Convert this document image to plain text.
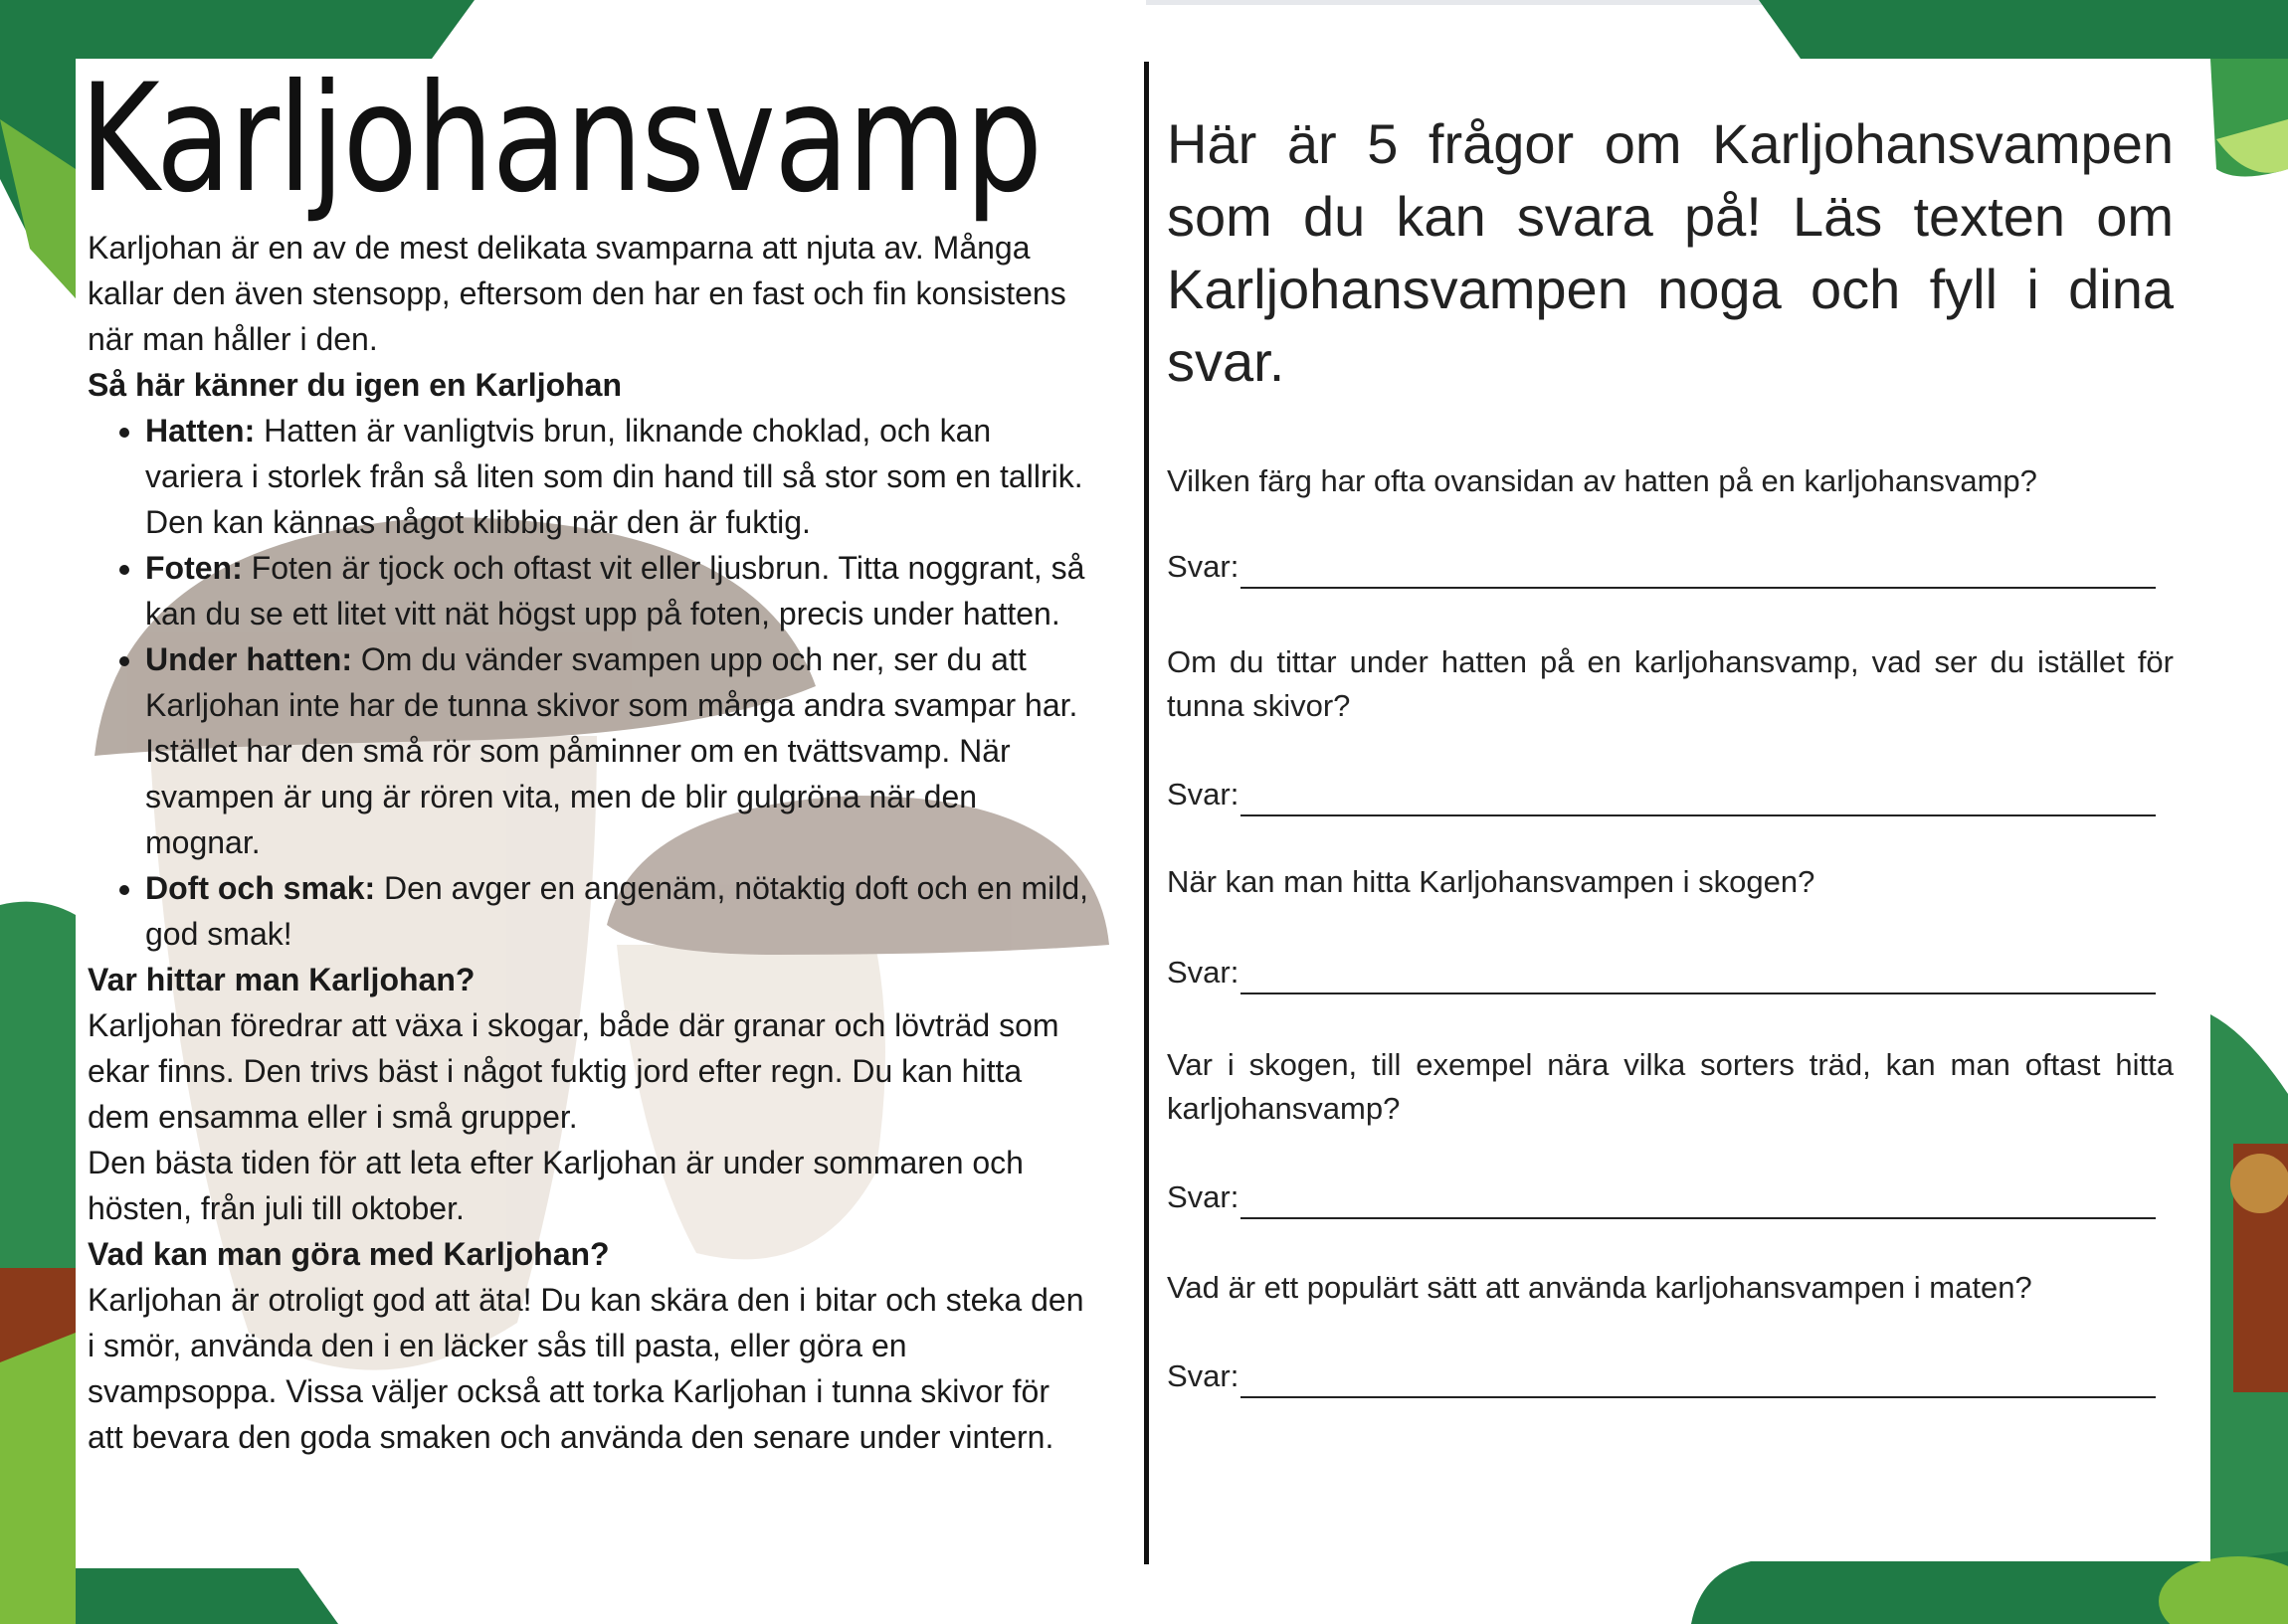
Karljohansvamp

Karljohan är en av de mest delikata svamparna att njuta av. Många kallar den även stensopp, eftersom den har en fast och fin konsistens när man håller i den.

Så här känner du igen en Karljohan
• Hatten: Hatten är vanligtvis brun, liknande choklad, och kan variera i storlek från så liten som din hand till så stor som en tallrik. Den kan kännas något klibbig när den är fuktig.
• Foten: Foten är tjock och oftast vit eller ljusbrun. Titta noggrant, så kan du se ett litet vitt nät högst upp på foten, precis under hatten.
• Under hatten: Om du vänder svampen upp och ner, ser du att Karljohan inte har de tunna skivor som många andra svampar har. Istället har den små rör som påminner om en tvättsvamp. När svampen är ung är rören vita, men de blir gulgröna när den mognar.
• Doft och smak: Den avger en angenäm, nötaktig doft och en mild, god smak!
Var hittar man Karljohan?

Karljohan föredrar att växa i skogar, både där granar och lövträd som ekar finns. Den trivs bäst i något fuktig jord efter regn. Du kan hitta dem ensamma eller i små grupper.

Den bästa tiden för att leta efter Karljohan är under sommaren och hösten, från juli till oktober.

Vad kan man göra med Karljohan?

Karljohan är otroligt god att äta! Du kan skära den i bitar och steka den i smör, använda den i en läcker sås till pasta, eller göra en svampsoppa. Vissa väljer också att torka Karljohan i tunna skivor för att bevara den goda smaken och använda den senare under vintern.

Här är 5 frågor om Karljohansvampen som du kan svara på! Läs texten om Karljohansvampen noga och fyll i dina svar.
Vilken färg har ofta ovansidan av hatten på en karljohansvamp?
Svar:
Om du tittar under hatten på en karljohansvamp, vad ser du istället för tunna skivor?
Svar:
När kan man hitta Karljohansvampen i skogen?
Svar:
Var i skogen, till exempel nära vilka sorters träd, kan man oftast hitta karljohansvamp?
Svar:
Vad är ett populärt sätt att använda karljohansvampen i maten?
Svar:
